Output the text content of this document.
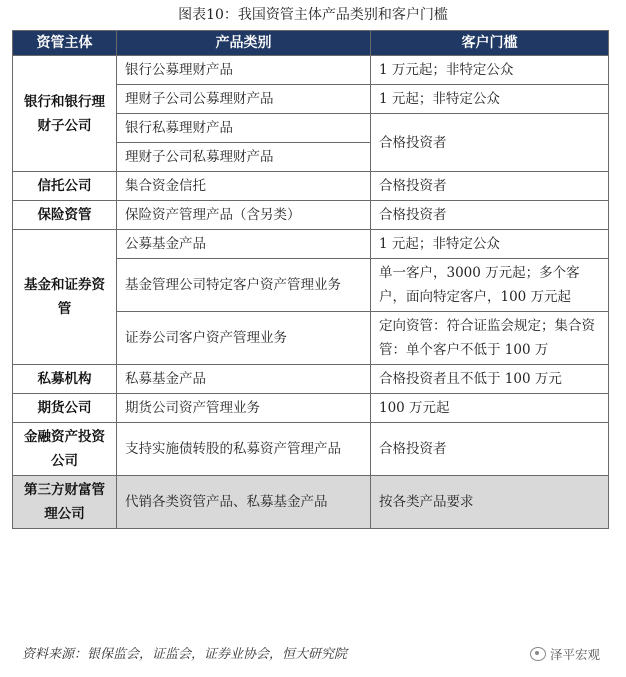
图表10：我国资管主体产品类别和客户门槛
资管主体	产品类别	客户门槛
银行和银行理财子公司	银行公募理财产品	1 万元起；非特定公众
	理财子公司公募理财产品	1 元起；非特定公众
	银行私募理财产品	合格投资者
	理财子公司私募理财产品	
信托公司	集合资金信托	合格投资者
保险资管	保险资产管理产品（含另类）	合格投资者
基金和证券资管	公募基金产品	1 元起；非特定公众
	基金管理公司特定客户资产管理业务	单一客户，3000 万元起；多个客户，面向特定客户，100 万元起
	证券公司客户资产管理业务	定向资管：符合证监会规定；集合资管：单个客户不低于 100 万
私募机构	私募基金产品	合格投资者且不低于 100 万元
期货公司	期货公司资产管理业务	100 万元起
金融资产投资公司	支持实施债转股的私募资产管理产品	合格投资者
第三方财富管理公司	代销各类资管产品、私募基金产品	按各类产品要求
资料来源：银保监会，证监会，证券业协会，恒大研究院	泽平宏观
